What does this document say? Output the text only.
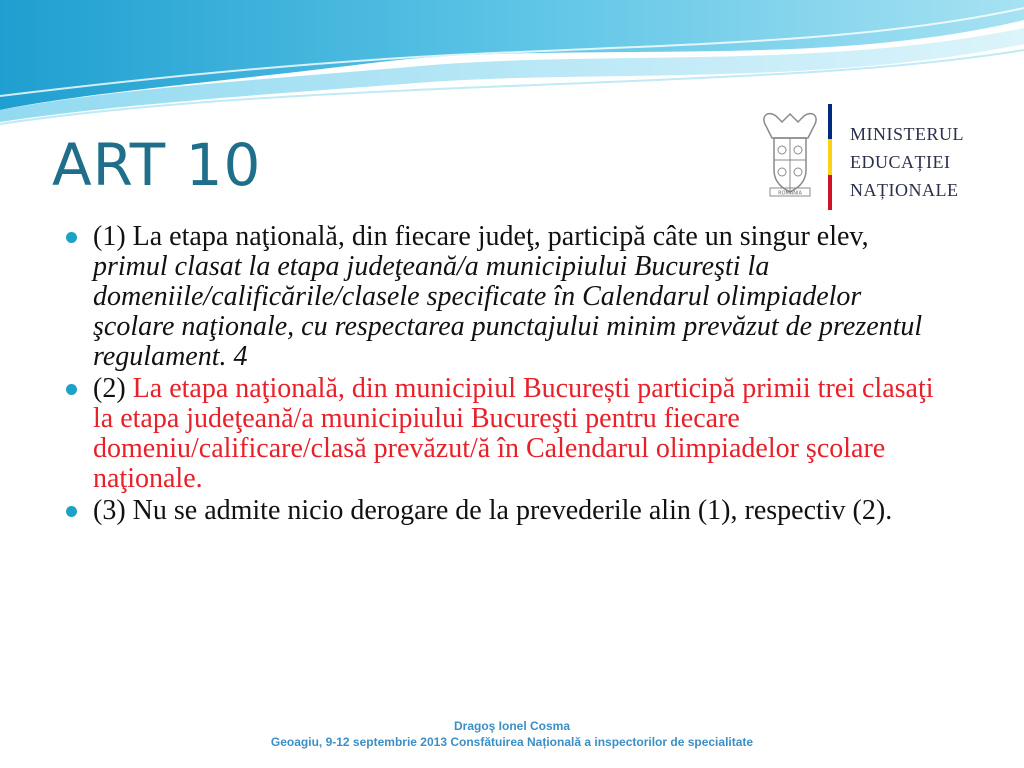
ART 10	ROMANIA
MINISTERUL
EDUCAȚIEI
NAȚIONALE
(1) La etapa naţională, din fiecare judeţ, participă câte un singur elev, primul clasat la etapa judeţeană/a municipiului Bucureşti la domeniile/calificările/clasele specificate în Calendarul olimpiadelor şcolare naţionale, cu respectarea punctajului minim prevăzut de prezentul regulament. 4
(2) La etapa naţională, din municipiul București participă primii trei clasaţi la etapa judeţeană/a municipiului Bucureşti pentru fiecare domeniu/calificare/clasă prevăzut/ă în Calendarul olimpiadelor şcolare naţionale.
(3) Nu se admite nicio derogare de la prevederile alin (1), respectiv (2).
Dragoş Ionel Cosma
Geoagiu, 9-12 septembrie 2013 Consfătuirea Națională a inspectorilor de specialitate
